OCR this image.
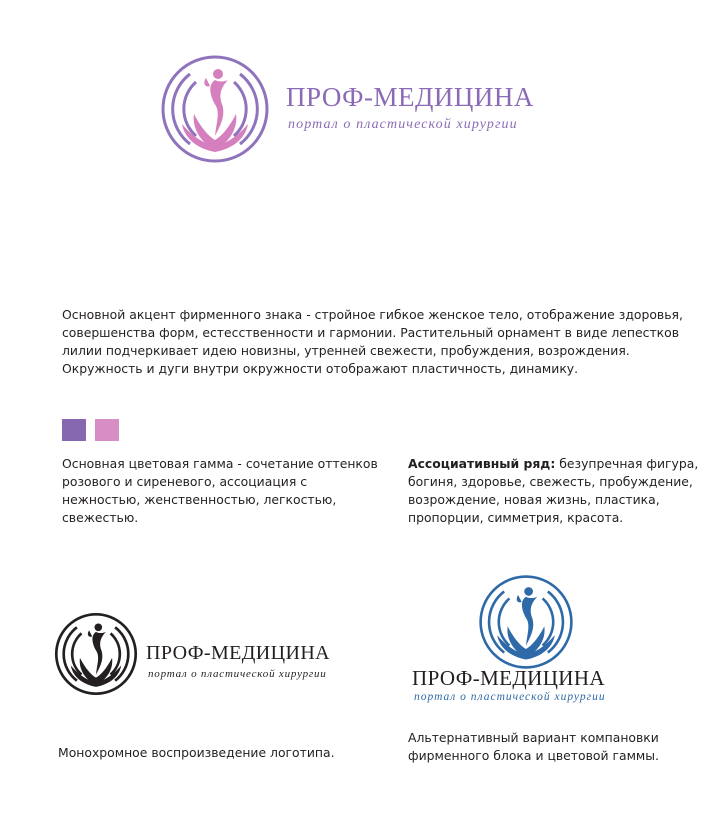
ПРОФ-МЕДИЦИНА
портал о пластической хирургии
Основной акцент фирменного знака - стройное гибкое женское тело, отображение здоровья,
совершенства форм, естесственности и гармонии. Растительный орнамент в виде лепестков
лилии подчеркивает идею новизны, утренней свежести, пробуждения, возрождения.
Окружность и дуги внутри окружности отображают пластичность, динамику.
Основная цветовая гамма - сочетание оттенков
розового и сиреневого, ассоциация с
нежностью, женственностью, легкостью,
свежестью.
Ассоциативный ряд: безупречная фигура,
богиня, здоровье, свежесть, пробуждение,
возрождение, новая жизнь, пластика,
пропорции, симметрия, красота.
ПРОФ-МЕДИЦИНА
портал о пластической хирургии
Монохромное воспроизведение логотипа.
ПРОФ-МЕДИЦИНА
портал о пластической хирургии
Альтернативный вариант компановки
фирменного блока и цветовой гаммы.
